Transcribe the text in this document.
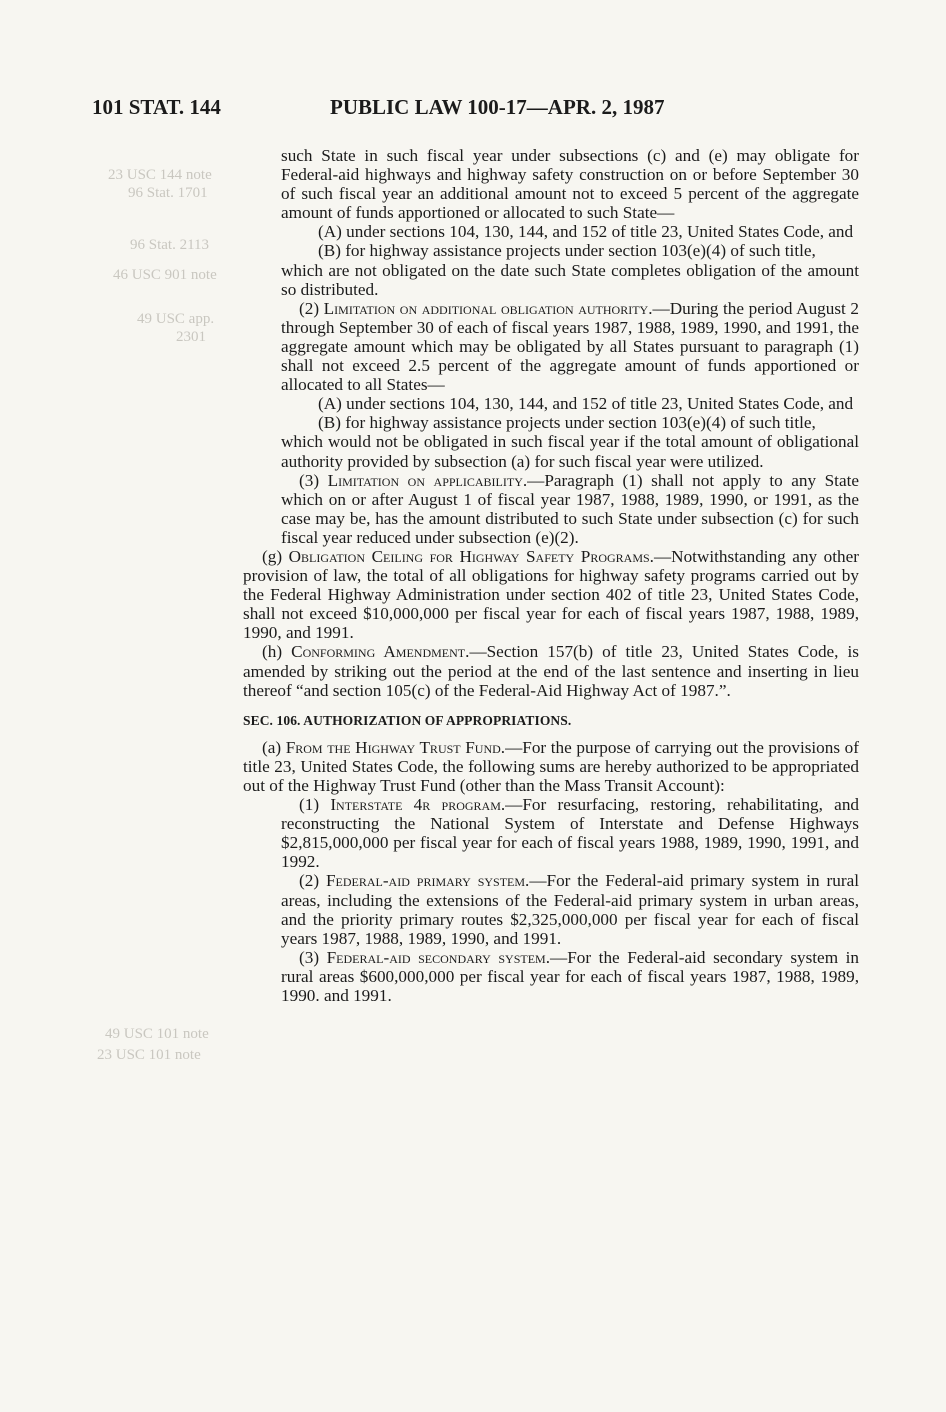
23 USC 144 note
96 Stat. 1701
96 Stat. 2113
46 USC 901 note
49 USC app.
2301
49 USC 101 note
23 USC 101 note
101 STAT. 144	PUBLIC LAW 100-17—APR. 2, 1987

such State in such fiscal year under subsections (c) and (e) may obligate for Federal-aid highways and highway safety construction on or before September 30 of such fiscal year an additional amount not to exceed 5 percent of the aggregate amount of funds apportioned or allocated to such State—

(A) under sections 104, 130, 144, and 152 of title 23, United States Code, and

(B) for highway assistance projects under section 103(e)(4) of such title,

which are not obligated on the date such State completes obligation of the amount so distributed.

(2) Limitation on additional obligation authority.—During the period August 2 through September 30 of each of fiscal years 1987, 1988, 1989, 1990, and 1991, the aggregate amount which may be obligated by all States pursuant to paragraph (1) shall not exceed 2.5 percent of the aggregate amount of funds apportioned or allocated to all States—

(A) under sections 104, 130, 144, and 152 of title 23, United States Code, and

(B) for highway assistance projects under section 103(e)(4) of such title,

which would not be obligated in such fiscal year if the total amount of obligational authority provided by subsection (a) for such fiscal year were utilized.

(3) Limitation on applicability.—Paragraph (1) shall not apply to any State which on or after August 1 of fiscal year 1987, 1988, 1989, 1990, or 1991, as the case may be, has the amount distributed to such State under subsection (c) for such fiscal year reduced under subsection (e)(2).

(g) Obligation Ceiling for Highway Safety Programs.—Notwithstanding any other provision of law, the total of all obligations for highway safety programs carried out by the Federal Highway Administration under section 402 of title 23, United States Code, shall not exceed $10,000,000 per fiscal year for each of fiscal years 1987, 1988, 1989, 1990, and 1991.

(h) Conforming Amendment.—Section 157(b) of title 23, United States Code, is amended by striking out the period at the end of the last sentence and inserting in lieu thereof “and section 105(c) of the Federal-Aid Highway Act of 1987.”.

SEC. 106. AUTHORIZATION OF APPROPRIATIONS.

(a) From the Highway Trust Fund.—For the purpose of carrying out the provisions of title 23, United States Code, the following sums are hereby authorized to be appropriated out of the Highway Trust Fund (other than the Mass Transit Account):

(1) Interstate 4r program.—For resurfacing, restoring, rehabilitating, and reconstructing the National System of Interstate and Defense Highways $2,815,000,000 per fiscal year for each of fiscal years 1988, 1989, 1990, 1991, and 1992.

(2) Federal-aid primary system.—For the Federal-aid primary system in rural areas, including the extensions of the Federal-aid primary system in urban areas, and the priority primary routes $2,325,000,000 per fiscal year for each of fiscal years 1987, 1988, 1989, 1990, and 1991.

(3) Federal-aid secondary system.—For the Federal-aid secondary system in rural areas $600,000,000 per fiscal year for each of fiscal years 1987, 1988, 1989, 1990. and 1991.
